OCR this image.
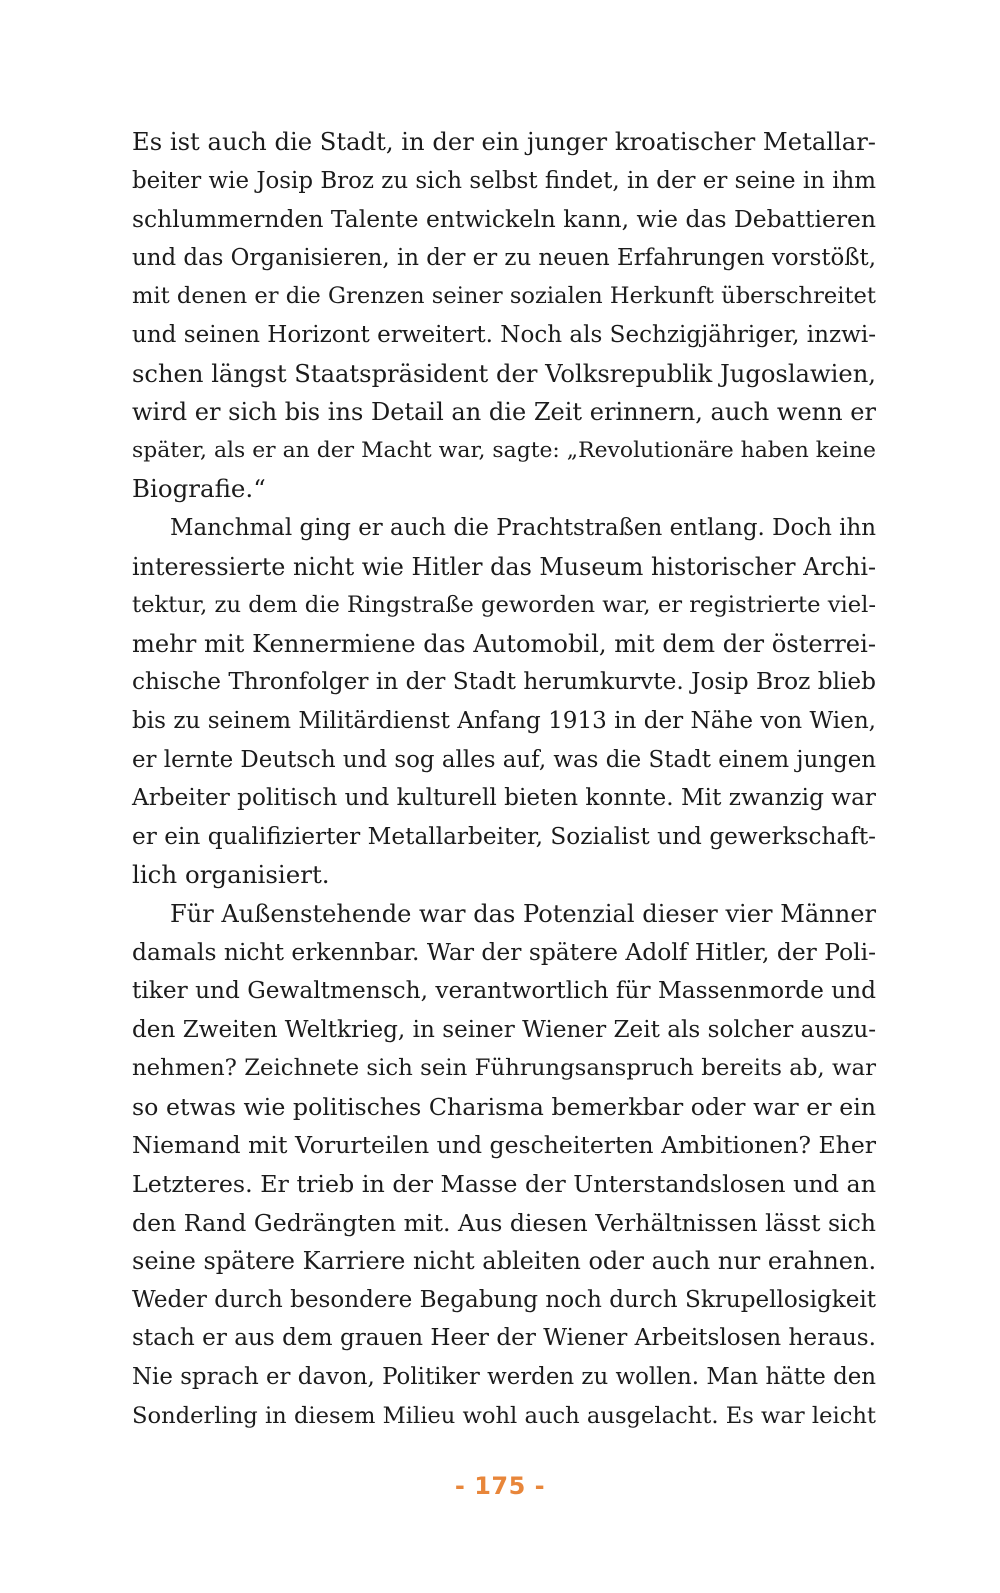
Es ist auch die Stadt, in der ein junger kroatischer Metallar-
beiter wie Josip Broz zu sich selbst findet, in der er seine in ihm
schlummernden Talente entwickeln kann, wie das Debattieren
und das Organisieren, in der er zu neuen Erfahrungen vorstößt,
mit denen er die Grenzen seiner sozialen Herkunft überschreitet
und seinen Horizont erweitert. Noch als Sechzigjähriger, inzwi-
schen längst Staatspräsident der Volksrepublik Jugoslawien,
wird er sich bis ins Detail an die Zeit erinnern, auch wenn er
später, als er an der Macht war, sagte: „Revolutionäre haben keine
Biografie.“
Manchmal ging er auch die Prachtstraßen entlang. Doch ihn
interessierte nicht wie Hitler das Museum historischer Archi-
tektur, zu dem die Ringstraße geworden war, er registrierte viel-
mehr mit Kennermiene das Automobil, mit dem der österrei-
chische Thronfolger in der Stadt herumkurvte. Josip Broz blieb
bis zu seinem Militärdienst Anfang 1913 in der Nähe von Wien,
er lernte Deutsch und sog alles auf, was die Stadt einem jungen
Arbeiter politisch und kulturell bieten konnte. Mit zwanzig war
er ein qualifizierter Metallarbeiter, Sozialist und gewerkschaft-
lich organisiert.
Für Außenstehende war das Potenzial dieser vier Männer
damals nicht erkennbar. War der spätere Adolf Hitler, der Poli-
tiker und Gewaltmensch, verantwortlich für Massenmorde und
den Zweiten Weltkrieg, in seiner Wiener Zeit als solcher auszu-
nehmen? Zeichnete sich sein Führungsanspruch bereits ab, war
so etwas wie politisches Charisma bemerkbar oder war er ein
Niemand mit Vorurteilen und gescheiterten Ambitionen? Eher
Letzteres. Er trieb in der Masse der Unterstandslosen und an
den Rand Gedrängten mit. Aus diesen Verhältnissen lässt sich
seine spätere Karriere nicht ableiten oder auch nur erahnen.
Weder durch besondere Begabung noch durch Skrupellosigkeit
stach er aus dem grauen Heer der Wiener Arbeitslosen heraus.
Nie sprach er davon, Politiker werden zu wollen. Man hätte den
Sonderling in diesem Milieu wohl auch ausgelacht. Es war leicht
- 175 -
